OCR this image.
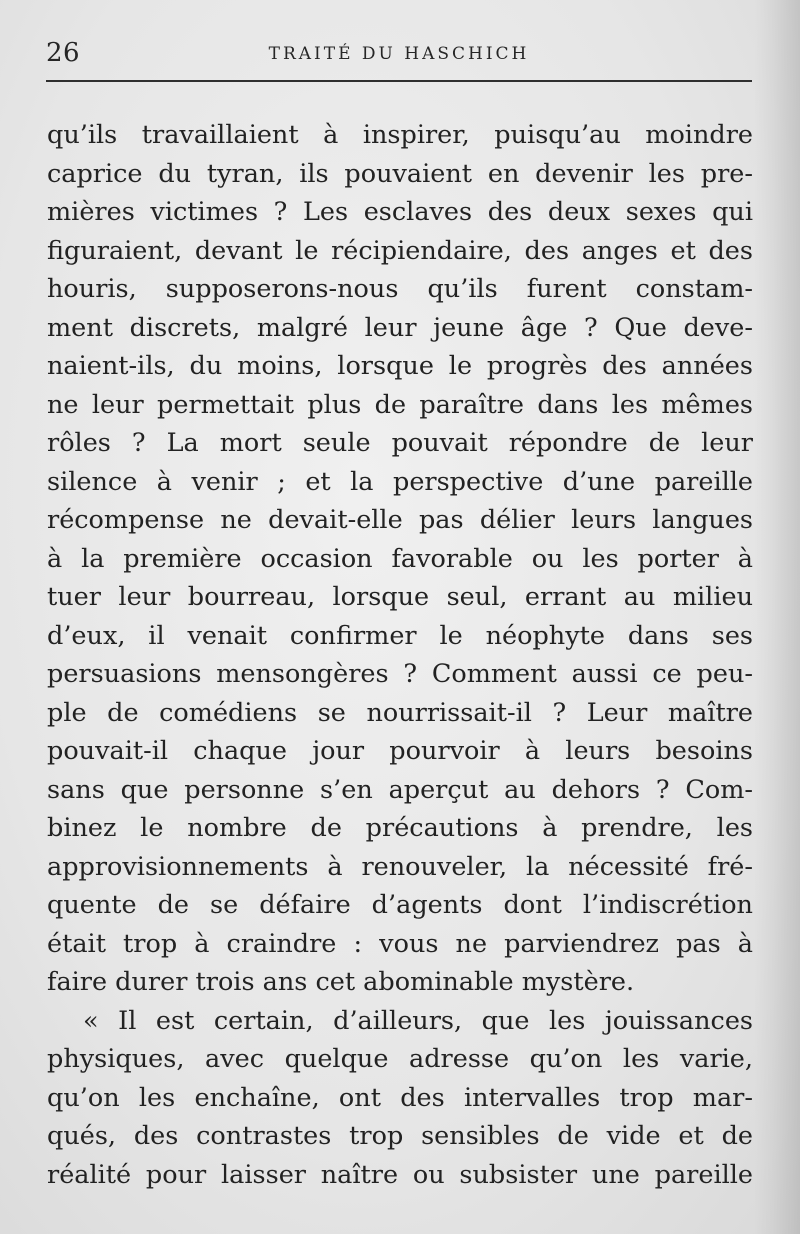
26	TRAITÉ DU HASCHICH
qu’ils travaillaient à inspirer, puisqu’au moindre
caprice du tyran, ils pouvaient en devenir les pre-
mières victimes ? Les esclaves des deux sexes qui
figuraient, devant le récipiendaire, des anges et des
houris, supposerons-nous qu’ils furent constam-
ment discrets, malgré leur jeune âge ? Que deve-
naient-ils, du moins, lorsque le progrès des années
ne leur permettait plus de paraître dans les mêmes
rôles ? La mort seule pouvait répondre de leur
silence à venir ; et la perspective d’une pareille
récompense ne devait-elle pas délier leurs langues
à la première occasion favorable ou les porter à
tuer leur bourreau, lorsque seul, errant au milieu
d’eux, il venait confirmer le néophyte dans ses
persuasions mensongères ? Comment aussi ce peu-
ple de comédiens se nourrissait-il ? Leur maître
pouvait-il chaque jour pourvoir à leurs besoins
sans que personne s’en aperçut au dehors ? Com-
binez le nombre de précautions à prendre, les
approvisionnements à renouveler, la nécessité fré-
quente de se défaire d’agents dont l’indiscrétion
était trop à craindre : vous ne parviendrez pas à
faire durer trois ans cet abominable mystère.
« Il est certain, d’ailleurs, que les jouissances
physiques, avec quelque adresse qu’on les varie,
qu’on les enchaîne, ont des intervalles trop mar-
qués, des contrastes trop sensibles de vide et de
réalité pour laisser naître ou subsister une pareille
